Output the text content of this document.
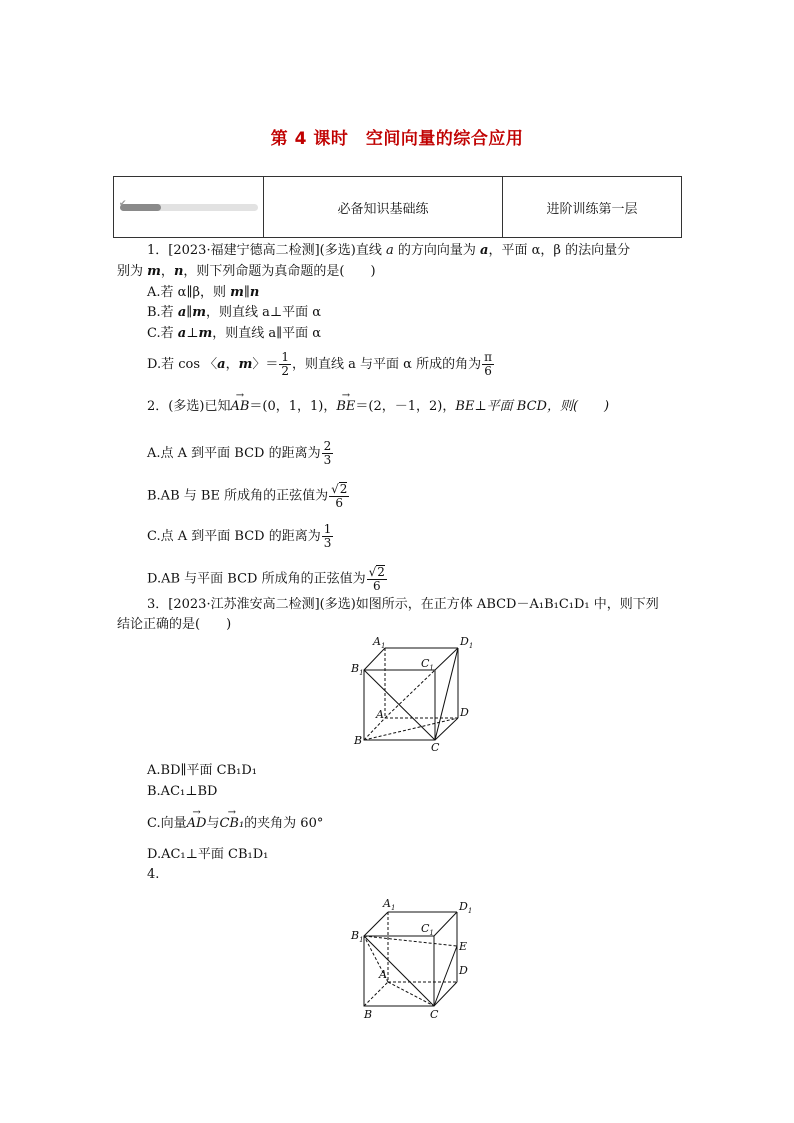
第 4 课时　空间向量的综合应用
✔	必备知识基础练	进阶训练第一层
1．[2023·福建宁德高二检测](多选)直线 a 的方向向量为 a，平面 α，β 的法向量分
别为 m，n，则下列命题为真命题的是(　　)
A.若 α∥β，则 m∥n
B.若 a∥m，则直线 a⊥平面 α
C.若 a⊥m，则直线 a∥平面 α
D.若 cos 〈a，m〉＝ $\frac{1}{2}$ ，则直线 a 与平面 α 所成的角为 $\frac{\pi}{6}$
2．(多选)已知→ AB＝(0，1，1)，→ BE＝(2，－1，2)，BE⊥平面 BCD，则(　　)
A.点 A 到平面 BCD 的距离为 $\frac{2}{3}$
B.AB 与 BE 所成角的正弦值为 $\frac{√2}{6}$
C.点 A 到平面 BCD 的距离为 $\frac{1}{3}$
D.AB 与平面 BCD 所成角的正弦值为 $\frac{√2}{6}$
3．[2023·江苏淮安高二检测](多选)如图所示，在正方体 ABCD－A₁B₁C₁D₁ 中，则下列
结论正确的是(　　)
$A_1$	$D_1$
$B_1$
$C_1$
A	D
B
C
A.BD∥平面 CB₁D₁
B.AC₁⊥BD
C.向量→ AD与→ CB₁的夹角为 60°
D.AC₁⊥平面 CB₁D₁
4.
$A_1$	$D_1$
$B_1$
$C_1$
E
A	D
B	C
